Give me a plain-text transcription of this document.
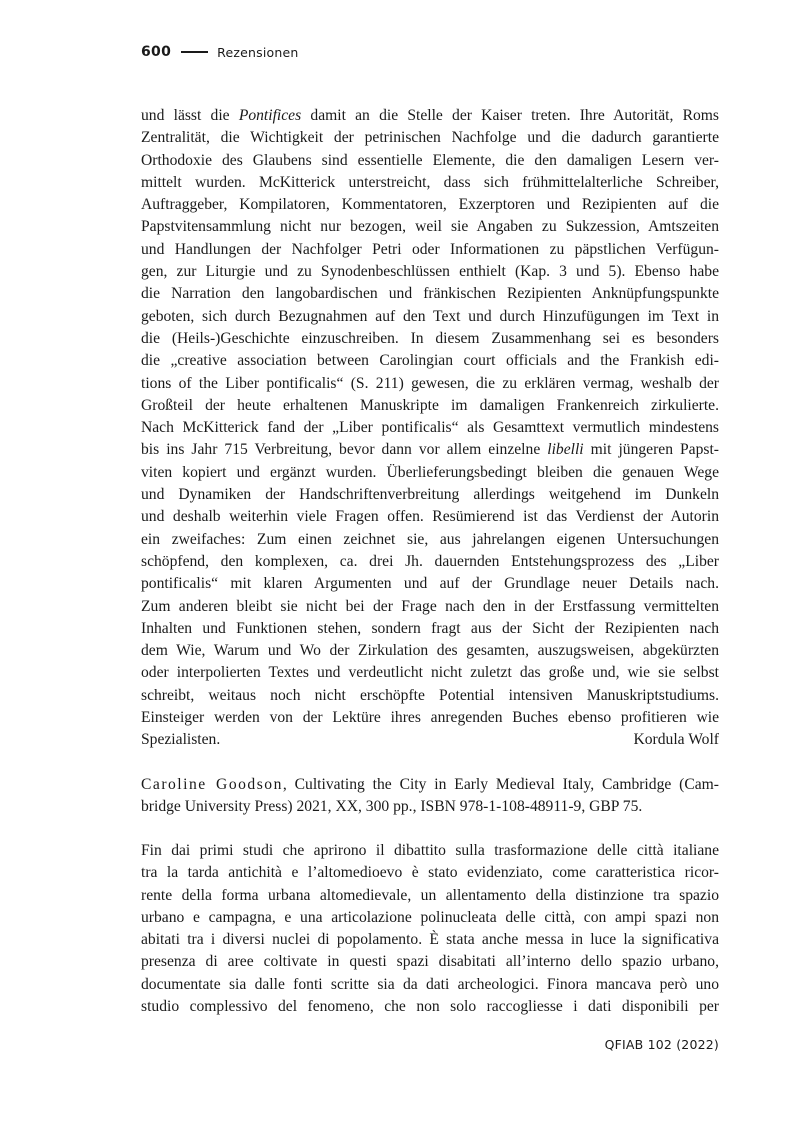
600	Rezensionen
und lässt die Pontifices damit an die Stelle der Kaiser treten. Ihre Autorität, Roms
Zentralität, die Wichtigkeit der petrinischen Nachfolge und die dadurch garantierte
Orthodoxie des Glaubens sind essentielle Elemente, die den damaligen Lesern ver-
mittelt wurden. McKitterick unterstreicht, dass sich frühmittelalterliche Schreiber,
Auftraggeber, Kompilatoren, Kommentatoren, Exzerptoren und Rezipienten auf die
Papstvitensammlung nicht nur bezogen, weil sie Angaben zu Sukzession, Amtszeiten
und Handlungen der Nachfolger Petri oder Informationen zu päpstlichen Verfügun-
gen, zur Liturgie und zu Synodenbeschlüssen enthielt (Kap. 3 und 5). Ebenso habe
die Narration den langobardischen und fränkischen Rezipienten Anknüpfungspunkte
geboten, sich durch Bezugnahmen auf den Text und durch Hinzufügungen im Text in
die (Heils-)Geschichte einzuschreiben. In diesem Zusammenhang sei es besonders
die „creative association between Carolingian court officials and the Frankish edi-
tions of the Liber pontificalis“ (S. 211) gewesen, die zu erklären vermag, weshalb der
Großteil der heute erhaltenen Manuskripte im damaligen Frankenreich zirkulierte.
Nach McKitterick fand der „Liber pontificalis“ als Gesamttext vermutlich mindestens
bis ins Jahr 715 Verbreitung, bevor dann vor allem einzelne libelli mit jüngeren Papst-
viten kopiert und ergänzt wurden. Überlieferungsbedingt bleiben die genauen Wege
und Dynamiken der Handschriftenverbreitung allerdings weitgehend im Dunkeln
und deshalb weiterhin viele Fragen offen. Resümierend ist das Verdienst der Autorin
ein zweifaches: Zum einen zeichnet sie, aus jahrelangen eigenen Untersuchungen
schöpfend, den komplexen, ca. drei Jh. dauernden Entstehungsprozess des „Liber
pontificalis“ mit klaren Argumenten und auf der Grundlage neuer Details nach.
Zum anderen bleibt sie nicht bei der Frage nach den in der Erstfassung vermittelten
Inhalten und Funktionen stehen, sondern fragt aus der Sicht der Rezipienten nach
dem Wie, Warum und Wo der Zirkulation des gesamten, auszugsweisen, abgekürzten
oder interpolierten Textes und verdeutlicht nicht zuletzt das große und, wie sie selbst
schreibt, weitaus noch nicht erschöpfte Potential intensiven Manuskriptstudiums.
Einsteiger werden von der Lektüre ihres anregenden Buches ebenso profitieren wie
Spezialisten.	Kordula Wolf
Caroline Goodson, Cultivating the City in Early Medieval Italy, Cambridge (Cam-
bridge University Press) 2021, XX, 300 pp., ISBN 978-1-108-48911-9, GBP 75.
Fin dai primi studi che aprirono il dibattito sulla trasformazione delle città italiane
tra la tarda antichità e l’altomedioevo è stato evidenziato, come caratteristica ricor-
rente della forma urbana altomedievale, un allentamento della distinzione tra spazio
urbano e campagna, e una articolazione polinucleata delle città, con ampi spazi non
abitati tra i diversi nuclei di popolamento. È stata anche messa in luce la significativa
presenza di aree coltivate in questi spazi disabitati all’interno dello spazio urbano,
documentate sia dalle fonti scritte sia da dati archeologici. Finora mancava però uno
studio complessivo del fenomeno, che non solo raccogliesse i dati disponibili per
QFIAB 102 (2022)
